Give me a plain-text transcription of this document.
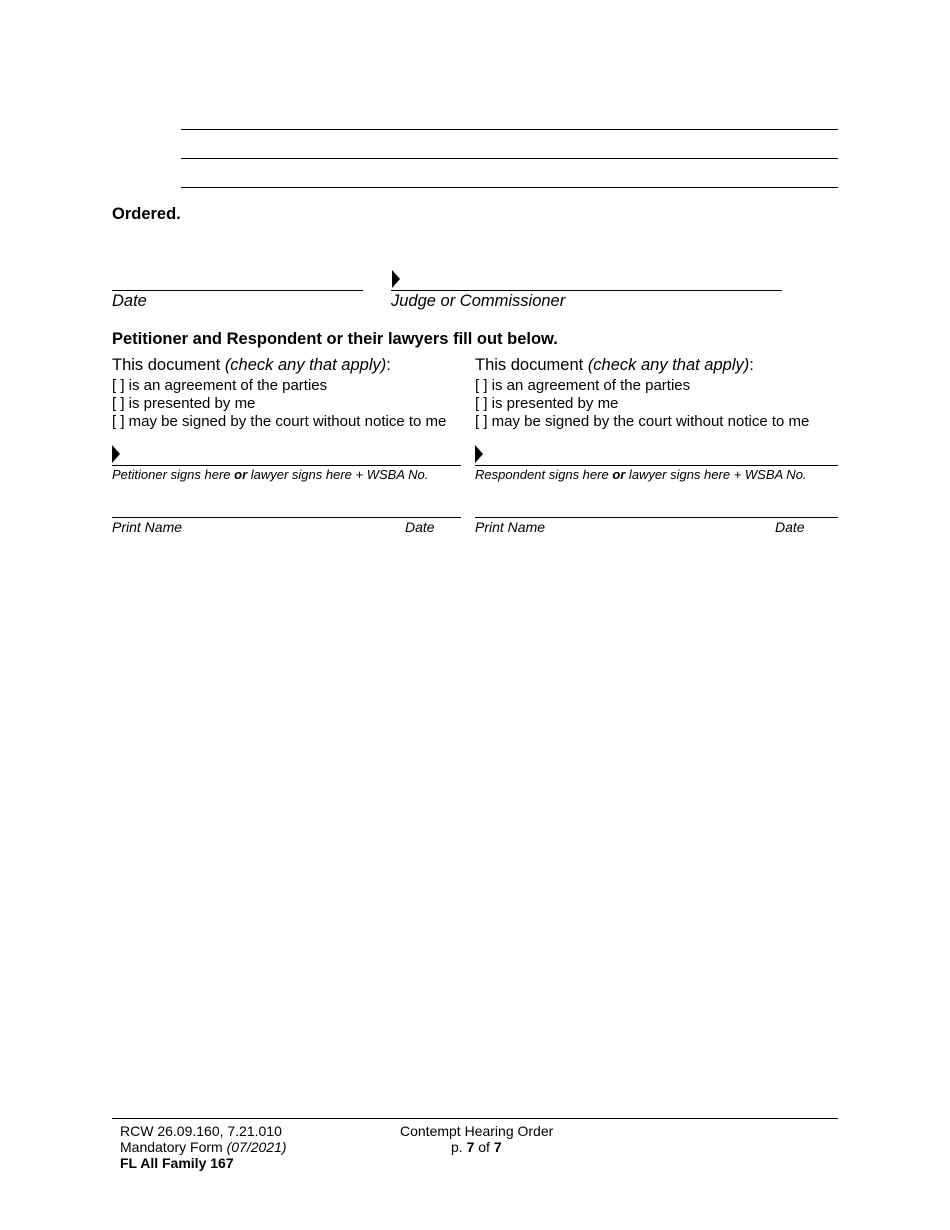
Ordered.
Date	Judge or Commissioner
Petitioner and Respondent or their lawyers fill out below.
This document (check any that apply):
[ ] is an agreement of the parties
[ ] is presented by me
[ ] may be signed by the court without notice to me
Petitioner signs here or lawyer signs here + WSBA No.
Print Name	Date
This document (check any that apply):
[ ] is an agreement of the parties
[ ] is presented by me
[ ] may be signed by the court without notice to me
Respondent signs here or lawyer signs here + WSBA No.
Print Name	Date
RCW 26.09.160, 7.21.010
Mandatory Form (07/2021)
FL All Family 167
Contempt Hearing Order
p. 7 of 7
